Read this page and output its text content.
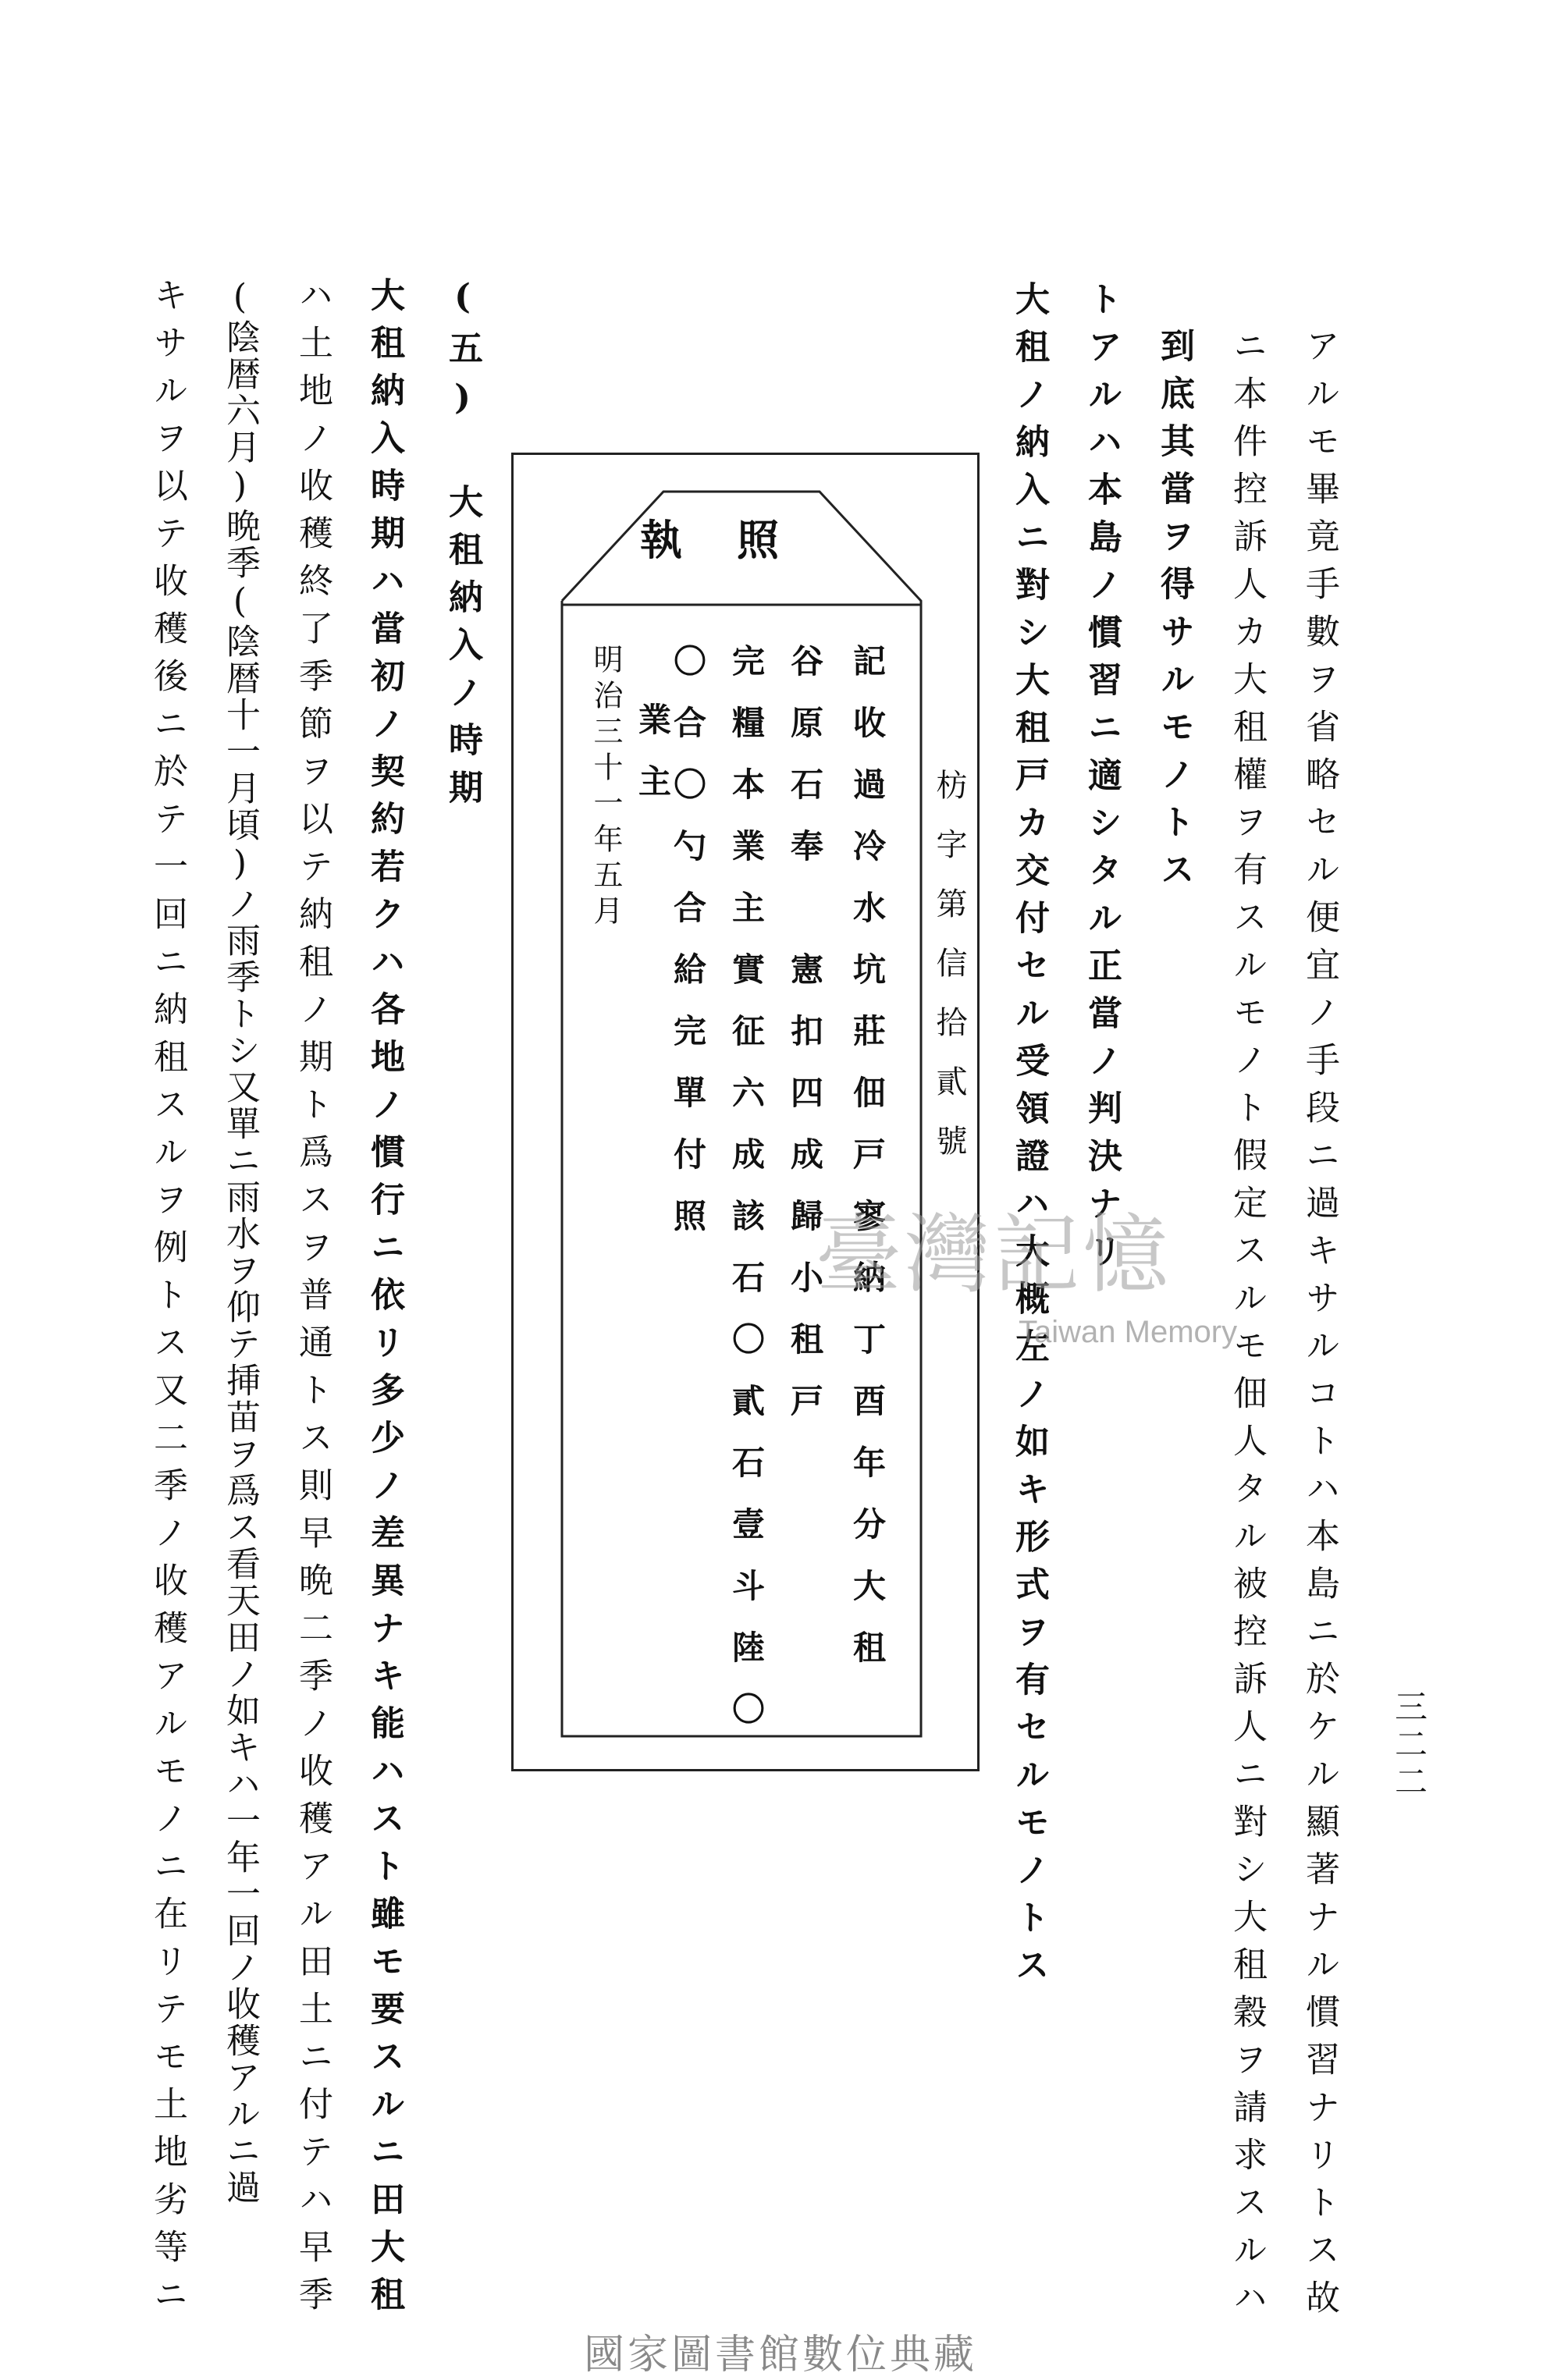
三二二
アルモ畢竟手數ヲ省略セル便宜ノ手段ニ過キサルコトハ本島ニ於ケル顯著ナル慣習ナリトス故
ニ本件控訴人カ大租權ヲ有スルモノト假定スルモ佃人タル被控訴人ニ對シ大租穀ヲ請求スルハ
到底其當ヲ得サルモノトス
トアルハ本島ノ慣習ニ適シタル正當ノ判決ナリ
大租ノ納入ニ對シ大租戸カ交付セル受領證ハ大概左ノ如キ形式ヲ有セルモノトス
執照
枋字第信拾貳號
記收過冷水坑莊佃戸寥納丁酉年分大租
谷原石奉　憲扣四成歸小租戸
完糧本業主實征六成該石〇貳石壹斗陸〇
〇合〇勺合給完單付照
業主
明治三十一年五月
(五) 大租納入ノ時期
大租納入時期ハ當初ノ契約若クハ各地ノ慣行ニ依リ多少ノ差異ナキ能ハスト雖モ要スルニ田大租
ハ土地ノ收穫終了季節ヲ以テ納租ノ期ト爲スヲ普通トス則早晩二季ノ收穫アル田土ニ付テハ早季
(陰暦六月)晩季(陰暦十一月頃)ノ雨季トシ又單ニ雨水ヲ仰テ挿苗ヲ爲ス看天田ノ如キハ一年一回ノ收穫アルニ過
キサルヲ以テ收穫後ニ於テ一回ニ納租スルヲ例トス又二季ノ收穫アルモノニ在リテモ土地劣等ニ	臺灣記憶
Taiwan Memory
國家圖書館數位典藏
